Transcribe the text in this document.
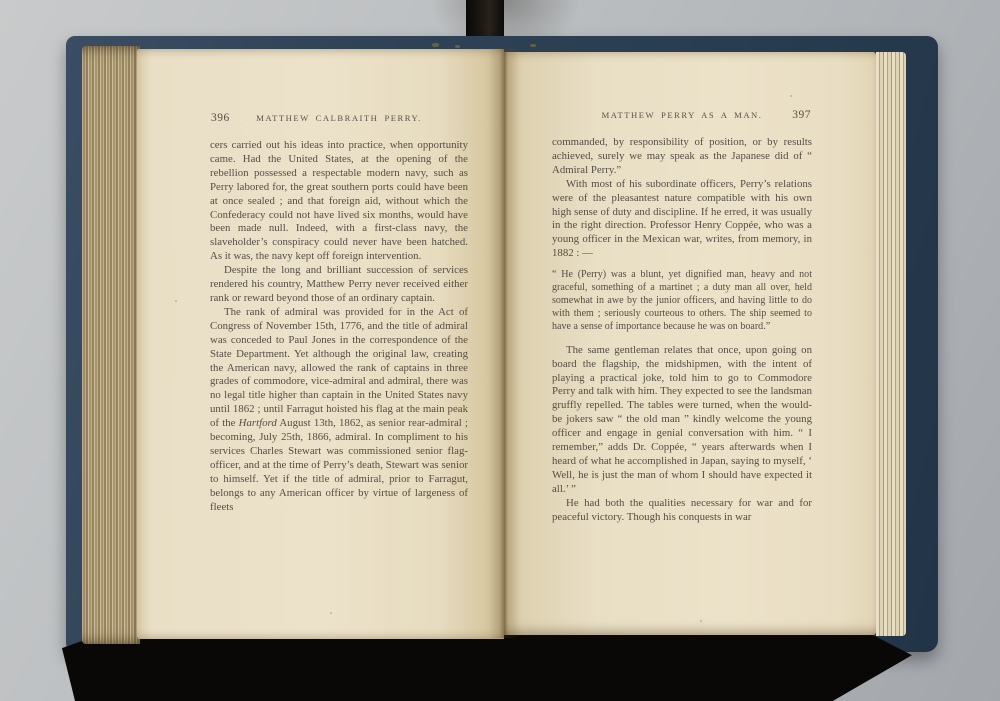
396	MATTHEW CALBRAITH PERRY.

cers carried out his ideas into practice, when opportunity came. Had the United States, at the opening of the rebellion possessed a respectable modern navy, such as Perry labored for, the great southern ports could have been at once sealed ; and that foreign aid, without which the Confederacy could not have lived six months, would have been made null. Indeed, with a first-class navy, the slaveholder’s conspiracy could never have been hatched. As it was, the navy kept off foreign intervention.

Despite the long and brilliant succession of services rendered his country, Matthew Perry never received either rank or reward beyond those of an ordinary captain.

The rank of admiral was provided for in the Act of Congress of November 15th, 1776, and the title of admiral was conceded to Paul Jones in the correspondence of the State Department. Yet although the original law, creating the American navy, allowed the rank of captains in three grades of commodore, vice-admiral and admiral, there was no legal title higher than captain in the United States navy until 1862 ; until Farragut hoisted his flag at the main peak of the Hartford August 13th, 1862, as senior rear-admiral ; becoming, July 25th, 1866, admiral. In compliment to his services Charles Stewart was commissioned senior flag-officer, and at the time of Perry’s death, Stewart was senior to himself. Yet if the title of admiral, prior to Farragut, belongs to any American officer by virtue of largeness of fleets

397
MATTHEW PERRY AS A MAN.

commanded, by responsibility of position, or by results achieved, surely we may speak as the Japanese did of “ Admiral Perry.”

With most of his subordinate officers, Perry’s relations were of the pleasantest nature compatible with his own high sense of duty and discipline. If he erred, it was usually in the right direction. Professor Henry Coppée, who was a young officer in the Mexican war, writes, from memory, in 1882 : —

“ He (Perry) was a blunt, yet dignified man, heavy and not graceful, something of a martinet ; a duty man all over, held somewhat in awe by the junior officers, and having little to do with them ; seriously courteous to others. The ship seemed to have a sense of importance because he was on board.”

The same gentleman relates that once, upon going on board the flagship, the midshipmen, with the intent of playing a practical joke, told him to go to Commodore Perry and talk with him. They expected to see the landsman gruffly repelled. The tables were turned, when the would-be jokers saw “ the old man ” kindly welcome the young officer and engage in genial conversation with him. “ I remember,” adds Dr. Coppée, “ years afterwards when I heard of what he accomplished in Japan, saying to myself, ‘ Well, he is just the man of whom I should have expected it all.’ ”

He had both the qualities necessary for war and for peaceful victory. Though his conquests in war
